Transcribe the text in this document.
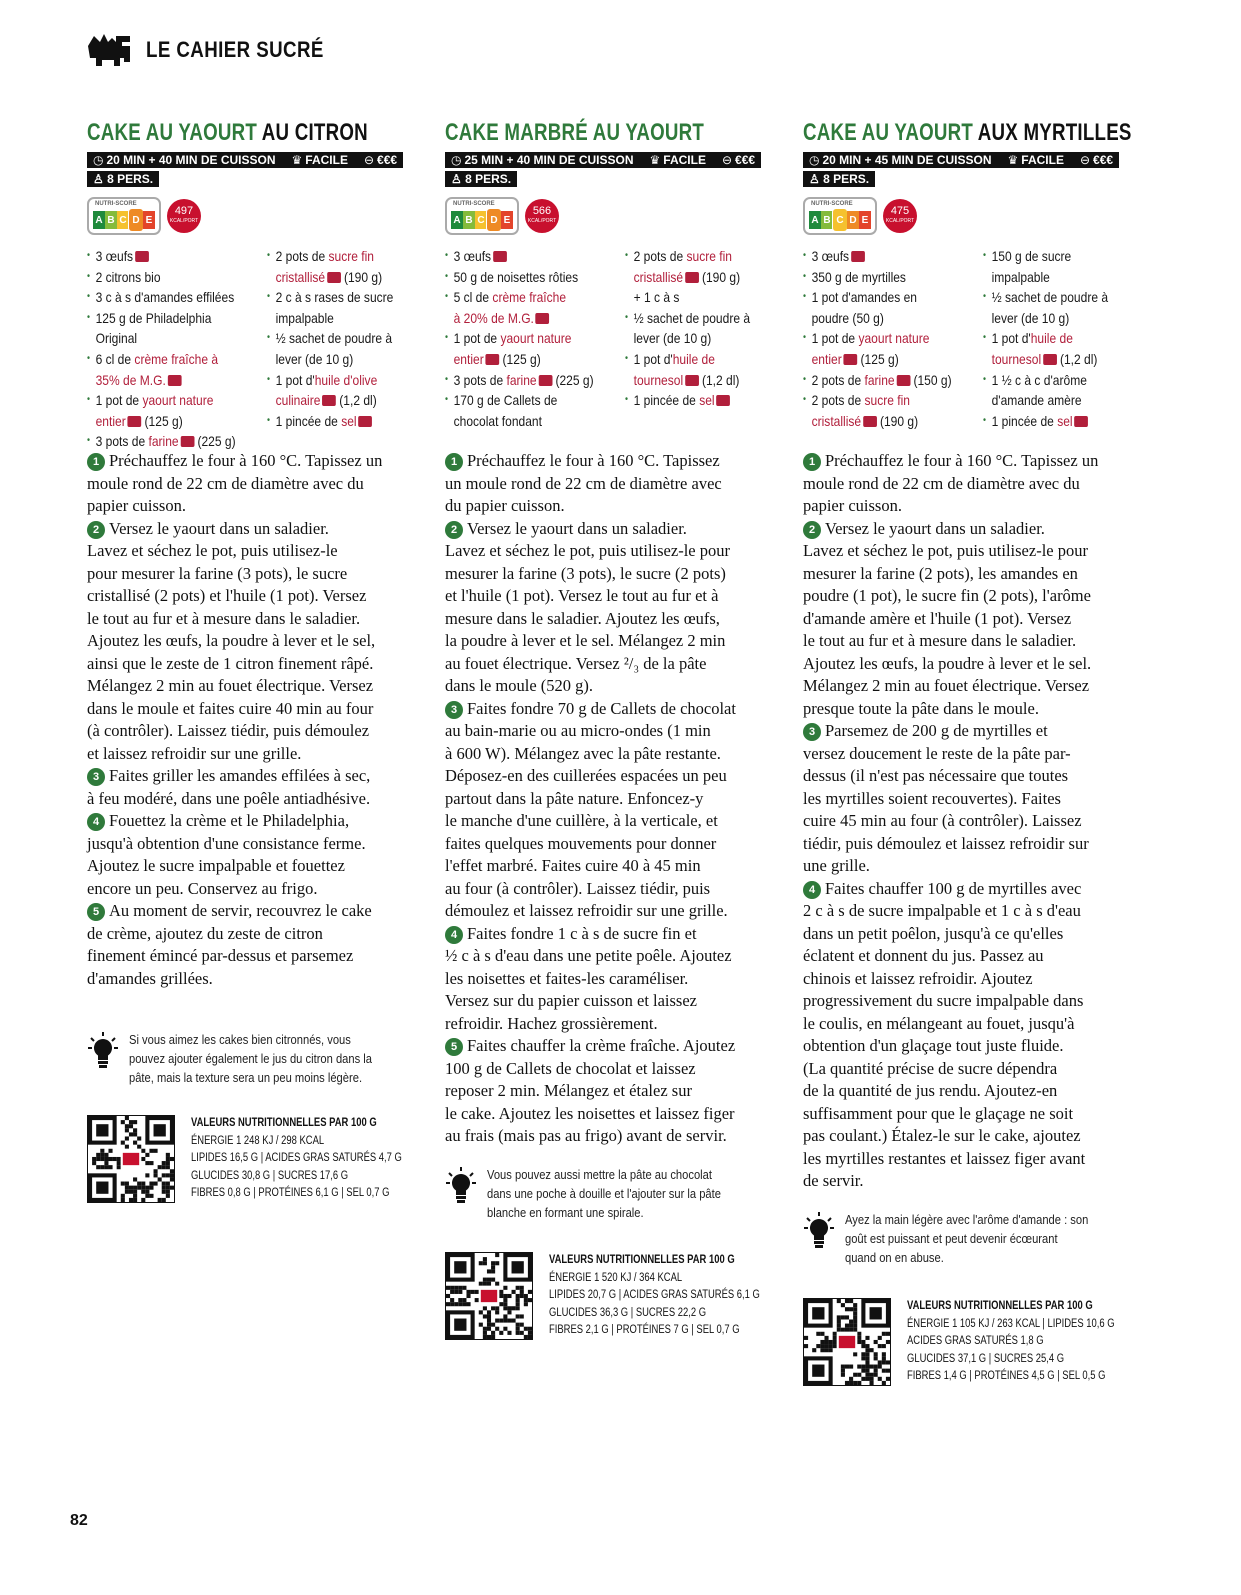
LE CAHIER SUCRÉ
CAKE AU YAOURT AU CITRON
◷ 20 MIN + 40 MIN DE CUISSON ♛ FACILE ⊖ €€€
♙ 8 PERS.
NUTRI-SCORE
A B C D E
497
KCAL/PORT
• 3 œufs
• 2 citrons bio
• 3 c à s d'amandes effilées
• 125 g de Philadelphia
Original
• 6 cl de crème fraîche à
35% de M.G.
• 1 pot de yaourt nature
entier (125 g)
• 3 pots de farine (225 g)
• 2 pots de sucre fin
cristallisé (190 g)
• 2 c à s rases de sucre
impalpable
• ½ sachet de poudre à
lever (de 10 g)
• 1 pot d'huile d'olive
culinaire (1,2 dl)
• 1 pincée de sel
CAKE MARBRÉ AU YAOURT
◷ 25 MIN + 40 MIN DE CUISSON ♛ FACILE ⊖ €€€
♙ 8 PERS.
NUTRI-SCORE
A B C D E
566
KCAL/PORT
• 3 œufs
• 50 g de noisettes rôties
• 5 cl de crème fraîche
à 20% de M.G.
• 1 pot de yaourt nature
entier (125 g)
• 3 pots de farine (225 g)
• 170 g de Callets de
chocolat fondant
• 2 pots de sucre fin
cristallisé (190 g)
+ 1 c à s
• ½ sachet de poudre à
lever (de 10 g)
• 1 pot d'huile de
tournesol (1,2 dl)
• 1 pincée de sel
CAKE AU YAOURT AUX MYRTILLES
◷ 20 MIN + 45 MIN DE CUISSON ♛ FACILE ⊖ €€€
♙ 8 PERS.
NUTRI-SCORE
A B C D E
475
KCAL/PORT
• 3 œufs
• 350 g de myrtilles
• 1 pot d'amandes en
poudre (50 g)
• 1 pot de yaourt nature
entier (125 g)
• 2 pots de farine (150 g)
• 2 pots de sucre fin
cristallisé (190 g)
• 150 g de sucre
impalpable
• ½ sachet de poudre à
lever (de 10 g)
• 1 pot d'huile de
tournesol (1,2 dl)
• 1 ½ c à c d'arôme
d'amande amère
• 1 pincée de sel
82

1 Préchauffez le four à 160 °C. Tapissez un

moule rond de 22 cm de diamètre avec du

papier cuisson.

2 Versez le yaourt dans un saladier.

Lavez et séchez le pot, puis utilisez-le

pour mesurer la farine (3 pots), le sucre

cristallisé (2 pots) et l'huile (1 pot). Versez

le tout au fur et à mesure dans le saladier.

Ajoutez les œufs, la poudre à lever et le sel,

ainsi que le zeste de 1 citron finement râpé.

Mélangez 2 min au fouet électrique. Versez

dans le moule et faites cuire 40 min au four

(à contrôler). Laissez tiédir, puis démoulez

et laissez refroidir sur une grille.

3 Faites griller les amandes effilées à sec,

à feu modéré, dans une poêle antiadhésive.

4 Fouettez la crème et le Philadelphia,

jusqu'à obtention d'une consistance ferme.

Ajoutez le sucre impalpable et fouettez

encore un peu. Conservez au frigo.

5 Au moment de servir, recouvrez le cake

de crème, ajoutez du zeste de citron

finement émincé par-dessus et parsemez

d'amandes grillées.

Si vous aimez les cakes bien citronnés, vous
pouvez ajouter également le jus du citron dans la
pâte, mais la texture sera un peu moins légère.
VALEURS NUTRITIONNELLES PAR 100 G
ÉNERGIE 1 248 KJ / 298 KCAL
LIPIDES 16,5 G | ACIDES GRAS SATURÉS 4,7 G
GLUCIDES 30,8 G | SUCRES 17,6 G
FIBRES 0,8 G | PROTÉINES 6,1 G | SEL 0,7 G

1 Préchauffez le four à 160 °C. Tapissez

un moule rond de 22 cm de diamètre avec

du papier cuisson.

2 Versez le yaourt dans un saladier.

Lavez et séchez le pot, puis utilisez-le pour

mesurer la farine (3 pots), le sucre (2 pots)

et l'huile (1 pot). Versez le tout au fur et à

mesure dans le saladier. Ajoutez les œufs,

la poudre à lever et le sel. Mélangez 2 min

au fouet électrique. Versez ²/₃ de la pâte

dans le moule (520 g).

3 Faites fondre 70 g de Callets de chocolat

au bain-marie ou au micro-ondes (1 min

à 600 W). Mélangez avec la pâte restante.

Déposez-en des cuillerées espacées un peu

partout dans la pâte nature. Enfoncez-y

le manche d'une cuillère, à la verticale, et

faites quelques mouvements pour donner

l'effet marbré. Faites cuire 40 à 45 min

au four (à contrôler). Laissez tiédir, puis

démoulez et laissez refroidir sur une grille.

4 Faites fondre 1 c à s de sucre fin et

½ c à s d'eau dans une petite poêle. Ajoutez

les noisettes et faites-les caraméliser.

Versez sur du papier cuisson et laissez

refroidir. Hachez grossièrement.

5 Faites chauffer la crème fraîche. Ajoutez

100 g de Callets de chocolat et laissez

reposer 2 min. Mélangez et étalez sur

le cake. Ajoutez les noisettes et laissez figer

au frais (mais pas au frigo) avant de servir.

Vous pouvez aussi mettre la pâte au chocolat
dans une poche à douille et l'ajouter sur la pâte
blanche en formant une spirale.
VALEURS NUTRITIONNELLES PAR 100 G
ÉNERGIE 1 520 KJ / 364 KCAL
LIPIDES 20,7 G | ACIDES GRAS SATURÉS 6,1 G
GLUCIDES 36,3 G | SUCRES 22,2 G
FIBRES 2,1 G | PROTÉINES 7 G | SEL 0,7 G

1 Préchauffez le four à 160 °C. Tapissez un

moule rond de 22 cm de diamètre avec du

papier cuisson.

2 Versez le yaourt dans un saladier.

Lavez et séchez le pot, puis utilisez-le pour

mesurer la farine (2 pots), les amandes en

poudre (1 pot), le sucre fin (2 pots), l'arôme

d'amande amère et l'huile (1 pot). Versez

le tout au fur et à mesure dans le saladier.

Ajoutez les œufs, la poudre à lever et le sel.

Mélangez 2 min au fouet électrique. Versez

presque toute la pâte dans le moule.

3 Parsemez de 200 g de myrtilles et

versez doucement le reste de la pâte par-

dessus (il n'est pas nécessaire que toutes

les myrtilles soient recouvertes). Faites

cuire 45 min au four (à contrôler). Laissez

tiédir, puis démoulez et laissez refroidir sur

une grille.

4 Faites chauffer 100 g de myrtilles avec

2 c à s de sucre impalpable et 1 c à s d'eau

dans un petit poêlon, jusqu'à ce qu'elles

éclatent et donnent du jus. Passez au

chinois et laissez refroidir. Ajoutez

progressivement du sucre impalpable dans

le coulis, en mélangeant au fouet, jusqu'à

obtention d'un glaçage tout juste fluide.

(La quantité précise de sucre dépendra

de la quantité de jus rendu. Ajoutez-en

suffisamment pour que le glaçage ne soit

pas coulant.) Étalez-le sur le cake, ajoutez

les myrtilles restantes et laissez figer avant

de servir.

Ayez la main légère avec l'arôme d'amande : son
goût est puissant et peut devenir écœurant
quand on en abuse.
VALEURS NUTRITIONNELLES PAR 100 G
ÉNERGIE 1 105 KJ / 263 KCAL | LIPIDES 10,6 G
ACIDES GRAS SATURÉS 1,8 G
GLUCIDES 37,1 G | SUCRES 25,4 G
FIBRES 1,4 G | PROTÉINES 4,5 G | SEL 0,5 G
